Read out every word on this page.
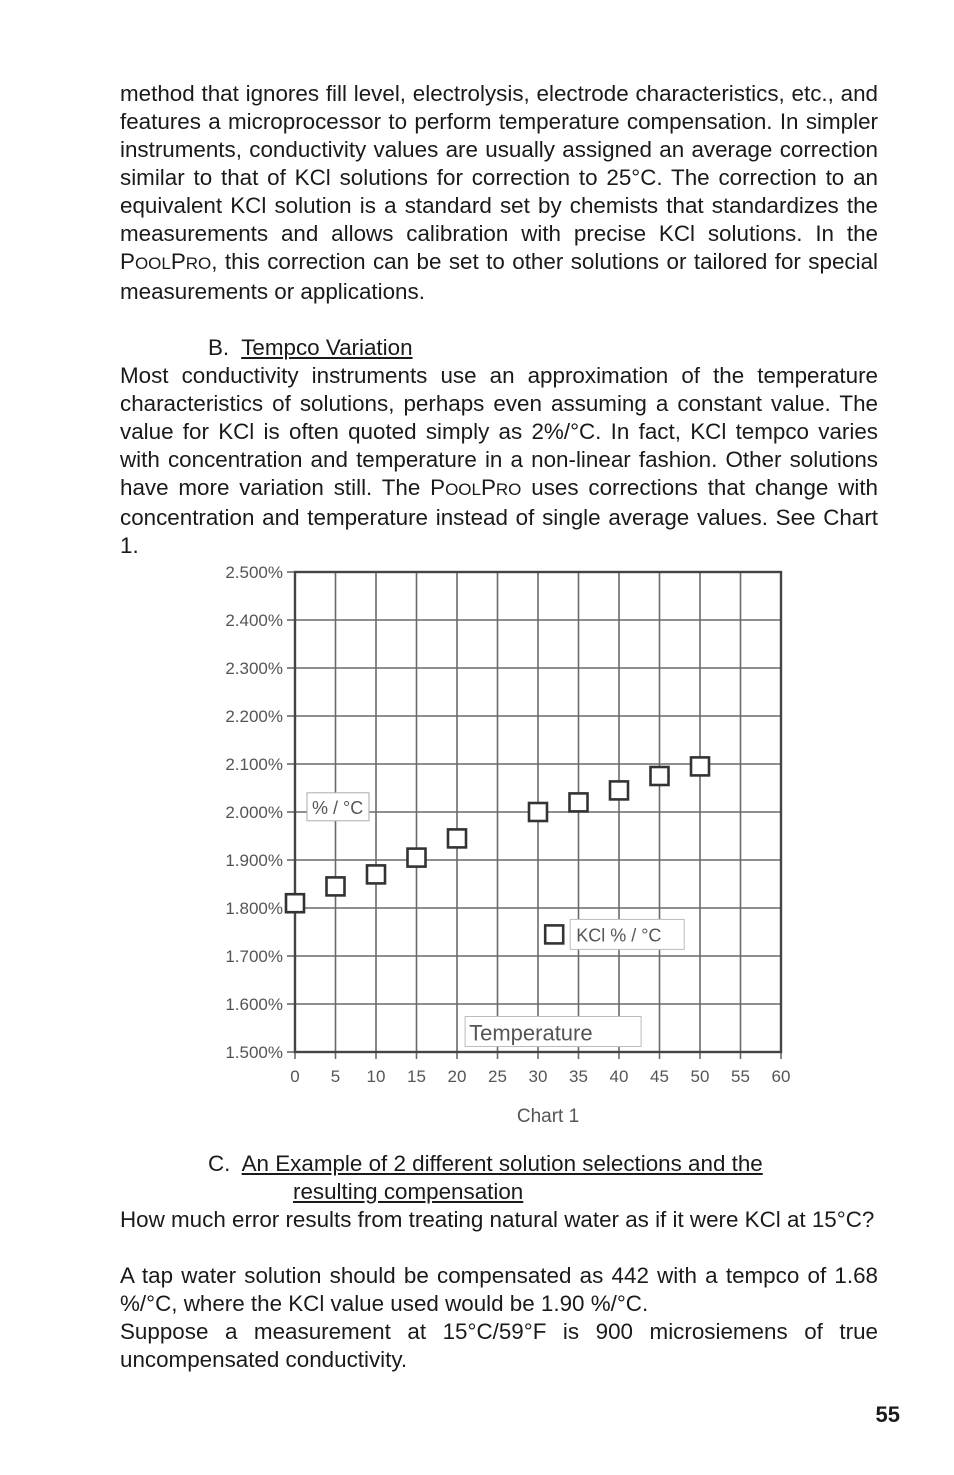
method that ignores fill level, electrolysis, electrode characteristics, etc., and features a microprocessor to perform temperature compensation. In simpler instruments, conductivity values are usually assigned an average correction similar to that of KCl solutions for correction to 25°C. The correction to an equivalent KCl solution is a standard set by chemists that standardizes the measurements and allows calibration with precise KCl solutions. In the POOLPRO, this correction can be set to other solutions or tailored for special measurements or applications.

B. Tempco Variation

Most conductivity instruments use an approximation of the temperature characteristics of solutions, perhaps even assuming a constant value. The value for KCl is often quoted simply as 2%/°C. In fact, KCl tempco varies with concentration and temperature in a non-linear fashion. Other solutions have more variation still. The POOLPRO uses corrections that change with concentration and temperature instead of single average values. See Chart 1.

0 5 10 15 20 25 30 35 40 45 50 55 60
1.500%
1.600%
1.700%
1.800%
1.900%
2.000%
2.100%
2.200%
2.300%
2.400%
2.500%
% / °C
KCl % / °C
Temperature
Chart 1
C. An Example of 2 different solution selections and the
resulting compensation

How much error results from treating natural water as if it were KCl at 15°C?

A tap water solution should be compensated as 442 with a tempco of 1.68 %/°C, where the KCl value used would be 1.90 %/°C.

Suppose a measurement at 15°C/59°F is 900 microsiemens of true uncompensated conductivity.

55
